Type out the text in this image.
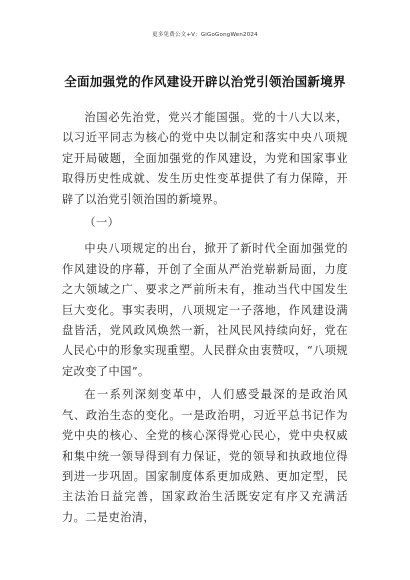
更多免费公文+V：GiGoGongWen2024
全面加强党的作风建设开辟以治党引领治国新境界

治国必先治党，党兴才能国强。党的十八大以来，以习近平同志为核心的党中央以制定和落实中央八项规定开局破题，全面加强党的作风建设，为党和国家事业取得历史性成就、发生历史性变革提供了有力保障，开辟了以治党引领治国的新境界。

（一）

中央八项规定的出台，掀开了新时代全面加强党的作风建设的序幕，开创了全面从严治党崭新局面，力度之大领域之广、要求之严前所未有，推动当代中国发生巨大变化。事实表明，八项规定一子落地，作风建设满盘皆活，党风政风焕然一新，社风民风持续向好，党在人民心中的形象实现重塑。人民群众由衷赞叹，“八项规定改变了中国”。

在一系列深刻变革中，人们感受最深的是政治风气、政治生态的变化。一是政治明，习近平总书记作为党中央的核心、全党的核心深得党心民心，党中央权威和集中统一领导得到有力保证，党的领导和执政地位得到进一步巩固。国家制度体系更加成熟、更加定型，民主法治日益完善，国家政治生活既安定有序又充满活力。二是吏治清，
